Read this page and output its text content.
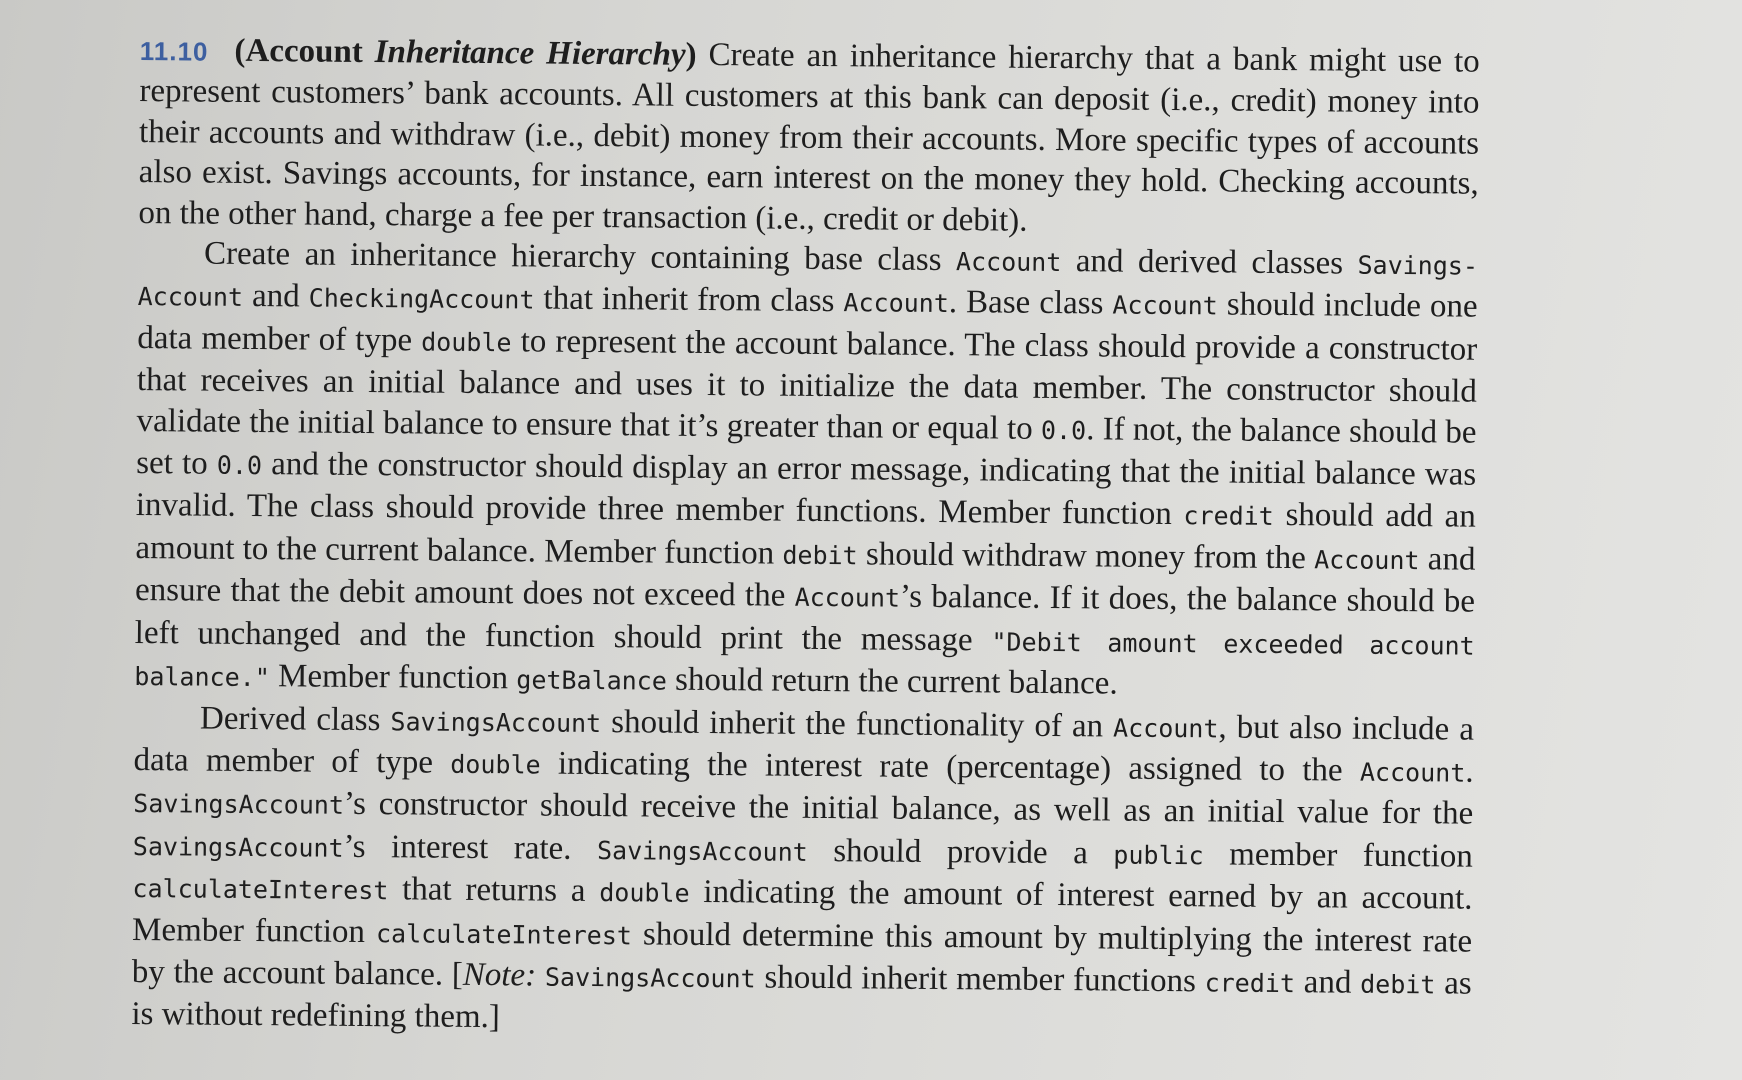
11.10 (Account Inheritance Hierarchy) Create an inheritance hierarchy that a bank might use to represent customers’ bank accounts. All customers at this bank can deposit (i.e., credit) money into their accounts and withdraw (i.e., debit) money from their accounts. More specific types of accounts also exist. Savings accounts, for instance, earn interest on the money they hold. Checking accounts, on the other hand, charge a fee per transaction (i.e., credit or debit).

Create an inheritance hierarchy containing base class Account and derived classes Savings-Account and CheckingAccount that inherit from class Account. Base class Account should include one data member of type double to represent the account balance. The class should provide a constructor that receives an initial balance and uses it to initialize the data member. The constructor should validate the initial balance to ensure that it’s greater than or equal to 0.0. If not, the balance should be set to 0.0 and the constructor should display an error message, indicating that the initial balance was invalid. The class should provide three member functions. Member function credit should add an amount to the current balance. Member function debit should withdraw money from the Account and ensure that the debit amount does not exceed the Account’s balance. If it does, the balance should be left unchanged and the function should print the message "Debit amount exceeded account balance." Member function getBalance should return the current balance.

Derived class SavingsAccount should inherit the functionality of an Account, but also include a data member of type double indicating the interest rate (percentage) assigned to the Account. SavingsAccount’s constructor should receive the initial balance, as well as an initial value for the SavingsAccount’s interest rate. SavingsAccount should provide a public member function calculateInterest that returns a double indicating the amount of interest earned by an account. Member function calculateInterest should determine this amount by multiplying the interest rate by the account balance. [Note: SavingsAccount should inherit member functions credit and debit as is without redefining them.]
